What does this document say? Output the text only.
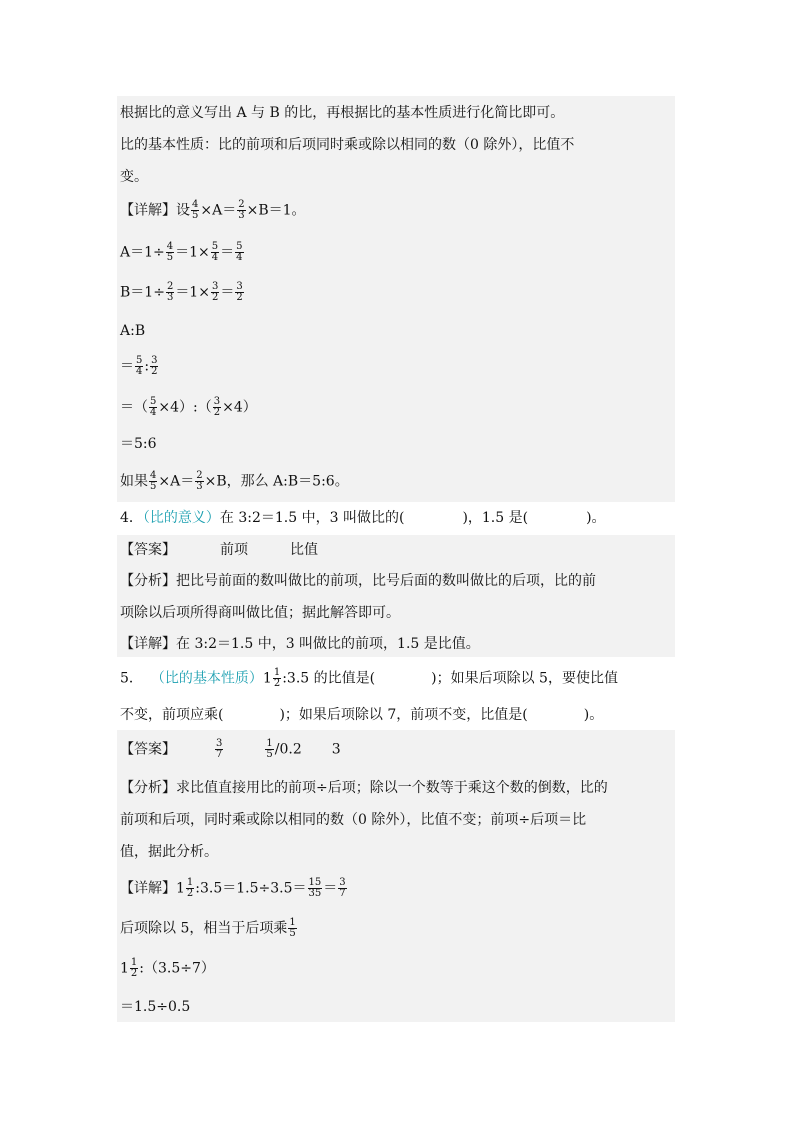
根据比的意义写出 A 与 B 的比，再根据比的基本性质进行化简比即可。
比的基本性质：比的前项和后项同时乘或除以相同的数（0 除外），比值不
变。
【详解】设 $\frac{4}{5} \times A= \frac{2}{3} \times B=1$。
$A=1\div \frac{4}{5} =1\times \frac{5}{4} = \frac{5}{4}$
$B=1\div \frac{2}{3} =1\times \frac{3}{2} = \frac{3}{2}$
A:B
＝ $\frac{5}{4}$ : $\frac{3}{2}$
＝（ $\frac{5}{4}$ ×4）:（ $\frac{3}{2} \times 4$）
＝5:6
如果 $\frac{4}{5} \times A= \frac{2}{3} \times B$，那么 A:B＝5:6。
4．（比的意义）在 3:2＝1.5 中，3 叫做比的(	)，1.5 是(	)。
【答案】	前项	比值
【分析】把比号前面的数叫做比的前项，比号后面的数叫做比的后项，比的前
项除以后项所得商叫做比值；据此解答即可。
【详解】在 3:2＝1.5 中，3 叫做比的前项，1.5 是比值。
5． （比的基本性质）$1 \frac{1}{2}$ :3.5 的比值是(	)；如果后项除以 5，要使比值
不变，前项应乘(	)；如果后项除以 7，前项不变，比值是(	)。
【答案】	$\frac{3}{7}$	$\frac{1}{5} /0.2$ 3
【分析】求比值直接用比的前项÷后项；除以一个数等于乘这个数的倒数，比的
前项和后项，同时乘或除以相同的数（0 除外），比值不变；前项÷后项＝比
值，据此分析。
【详解】$1 \frac{1}{2}$ :3.5＝1.5÷3.5＝ $\frac{15}{35} = \frac{3}{7}$
后项除以 5，相当于后项乘 $\frac{1}{5}$
$1 \frac{1}{2}$ :（3.5÷7）
＝1.5÷0.5
